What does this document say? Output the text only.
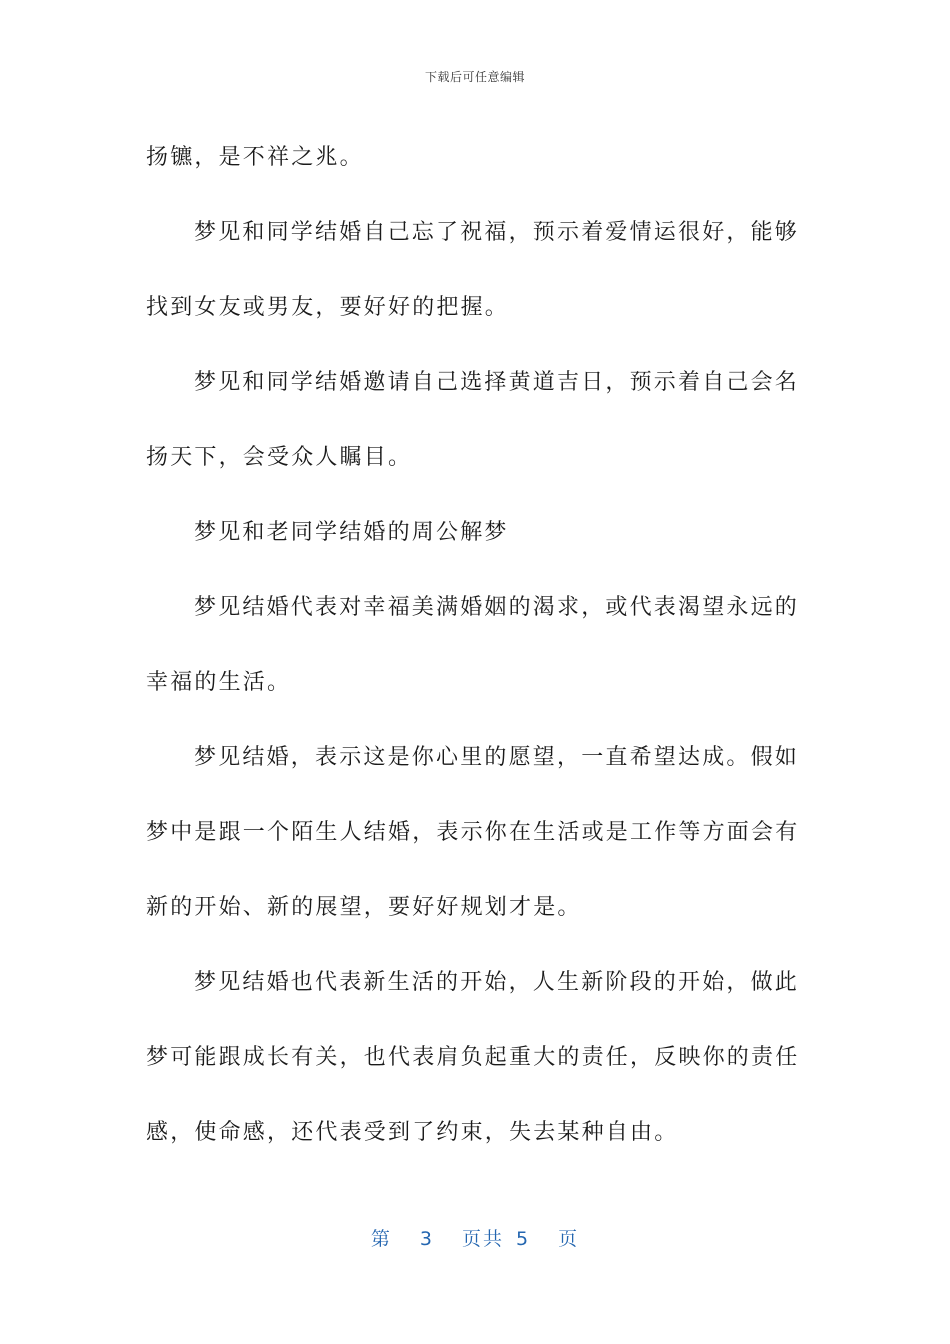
下载后可任意编辑

扬镳，是不祥之兆。

梦见和同学结婚自己忘了祝福，预示着爱情运很好，能够
找到女友或男友，要好好的把握。

梦见和同学结婚邀请自己选择黄道吉日，预示着自己会名
扬天下，会受众人瞩目。

梦见和老同学结婚的周公解梦

梦见结婚代表对幸福美满婚姻的渴求，或代表渴望永远的
幸福的生活。

梦见结婚，表示这是你心里的愿望，一直希望达成。假如
梦中是跟一个陌生人结婚，表示你在生活或是工作等方面会有
新的开始、新的展望，要好好规划才是。

梦见结婚也代表新生活的开始，人生新阶段的开始，做此
梦可能跟成长有关，也代表肩负起重大的责任，反映你的责任
感，使命感，还代表受到了约束，失去某种自由。

第 3 页共 5 页
